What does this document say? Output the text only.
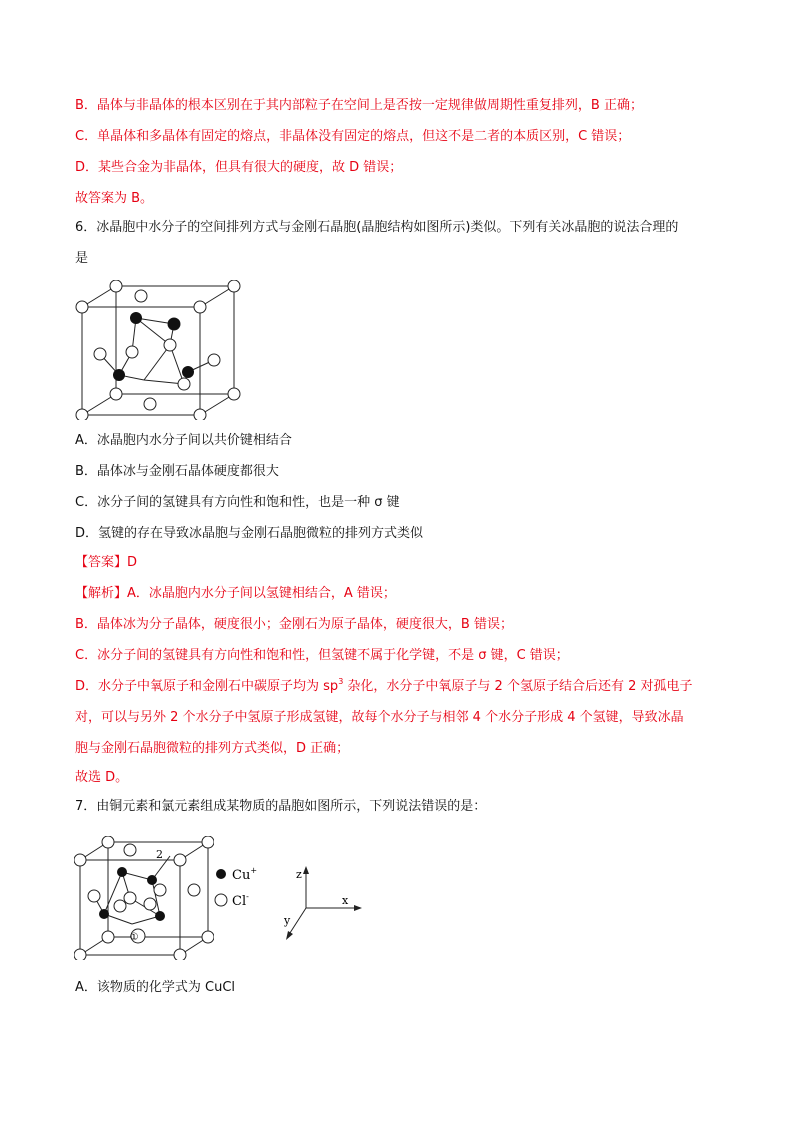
B．晶体与非晶体的根本区别在于其内部粒子在空间上是否按一定规律做周期性重复排列，B 正确；
C．单晶体和多晶体有固定的熔点，非晶体没有固定的熔点，但这不是二者的本质区别，C 错误；
D．某些合金为非晶体，但具有很大的硬度，故 D 错误；
故答案为 B。
6．冰晶胞中水分子的空间排列方式与金刚石晶胞(晶胞结构如图所示)类似。下列有关冰晶胞的说法合理的
是
A．冰晶胞内水分子间以共价键相结合
B．晶体冰与金刚石晶体硬度都很大
C．冰分子间的氢键具有方向性和饱和性，也是一种 σ 键
D．氢键的存在导致冰晶胞与金刚石晶胞微粒的排列方式类似
【答案】D
【解析】A．冰晶胞内水分子间以氢键相结合，A 错误；
B．晶体冰为分子晶体，硬度很小；金刚石为原子晶体，硬度很大，B 错误；
C．冰分子间的氢键具有方向性和饱和性，但氢键不属于化学键，不是 σ 键，C 错误；
D．水分子中氧原子和金刚石中碳原子均为 $sp^3$ 杂化，水分子中氧原子与 2 个氢原子结合后还有 2 对孤电子
对，可以与另外 2 个水分子中氢原子形成氢键，故每个水分子与相邻 4 个水分子形成 4 个氢键，导致冰晶
胞与金刚石晶胞微粒的排列方式类似，D 正确；
故选 D。
7．由铜元素和氯元素组成某物质的晶胞如图所示，下列说法错误的是：
①
2
Cu+
Cl-
z
x
y
A．该物质的化学式为 CuCl
